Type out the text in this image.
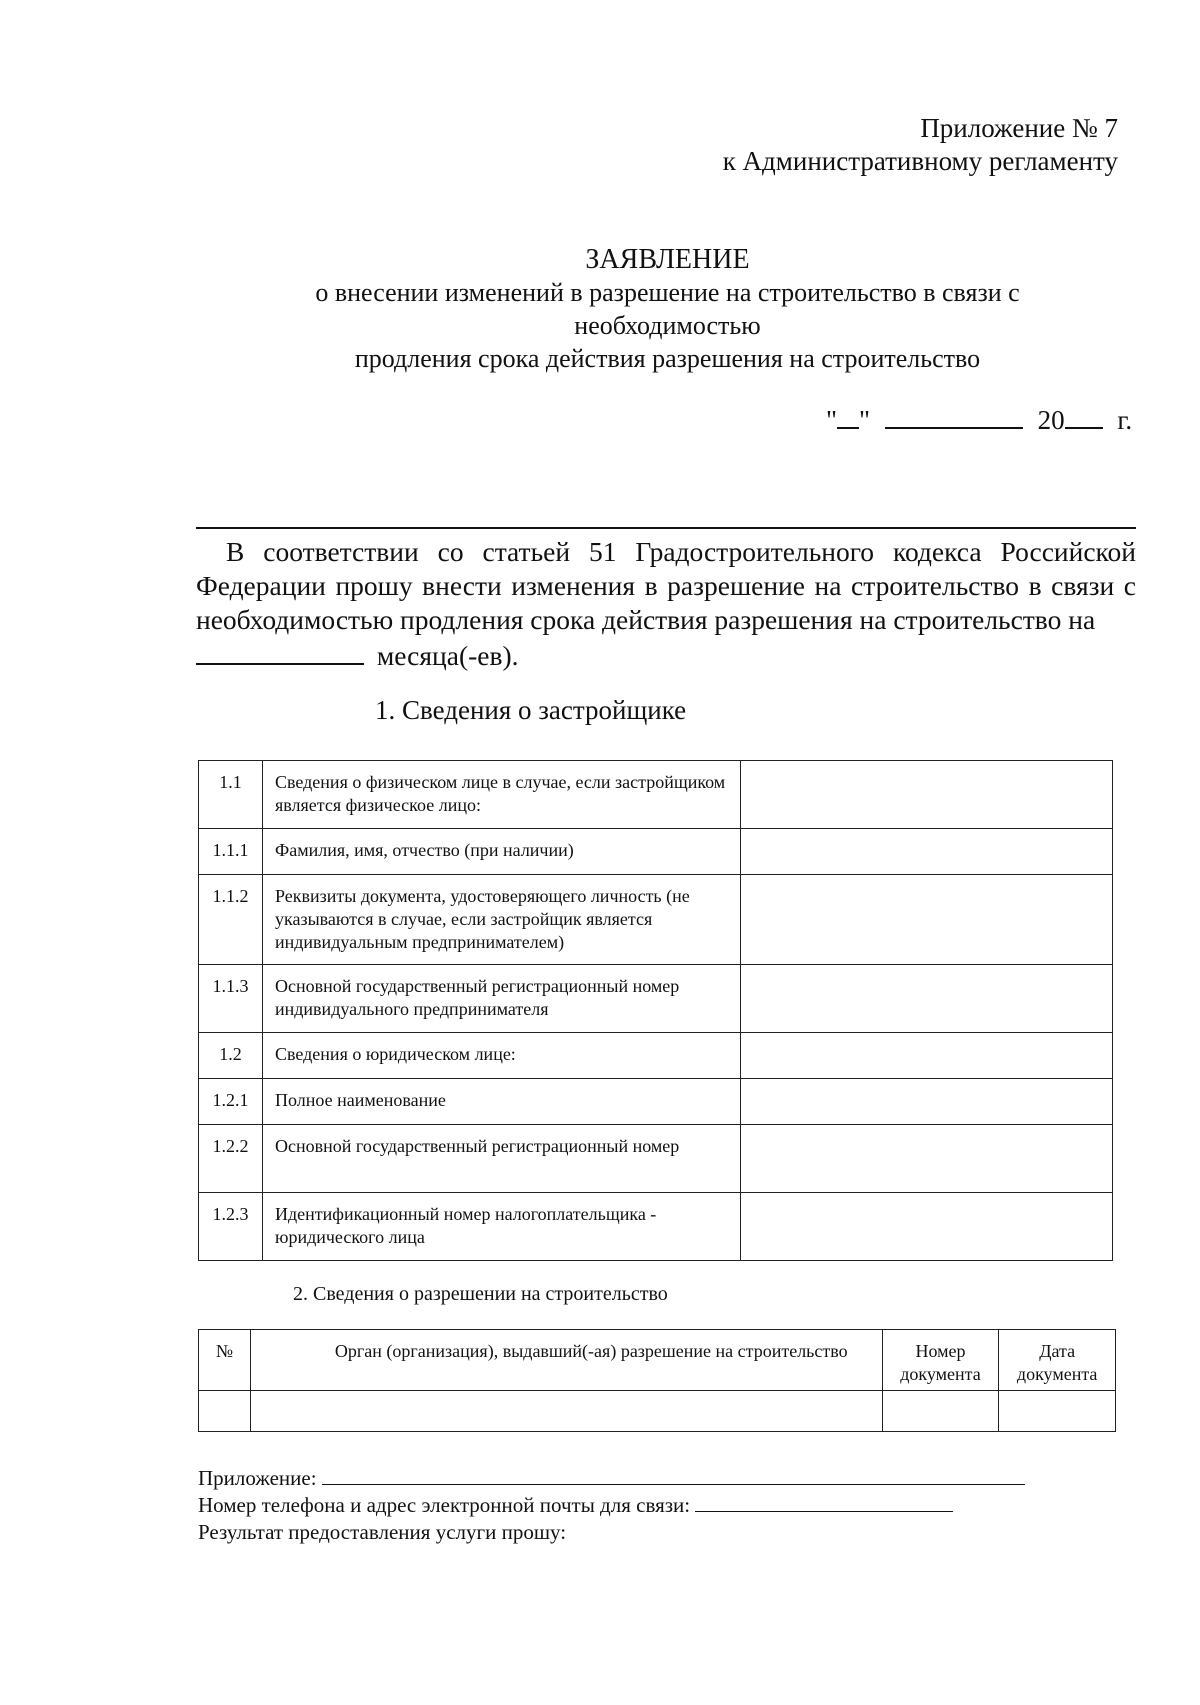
Приложение № 7
к Административному регламенту
ЗАЯВЛЕНИЕ
о внесении изменений в разрешение на строительство в связи с
необходимостью
продления срока действия разрешения на строительство
" "	20 г.

В соответствии со статьей 51 Градостроительного кодекса Российской Федерации прошу внести изменения в разрешение на строительство в связи с необходимостью продления срока действия разрешения на строительство на

месяца(-ев).
1. Сведения о застройщике
1.1	Сведения о физическом лице в случае, если застройщиком является физическое лицо:	
1.1.1	Фамилия, имя, отчество (при наличии)	
1.1.2	Реквизиты документа, удостоверяющего личность (не указываются в случае, если застройщик является индивидуальным предпринимателем)	
1.1.3	Основной государственный регистрационный номер индивидуального предпринимателя	
1.2	Сведения о юридическом лице:	
1.2.1	Полное наименование	
1.2.2	Основной государственный регистрационный номер	
1.2.3	Идентификационный номер налогоплательщика - юридического лица	
2. Сведения о разрешении на строительство
№	Орган (организация), выдавший(-ая) разрешение на строительство	Номер документа	Дата документа

Приложение:
Номер телефона и адрес электронной почты для связи:
Результат предоставления услуги прошу:
